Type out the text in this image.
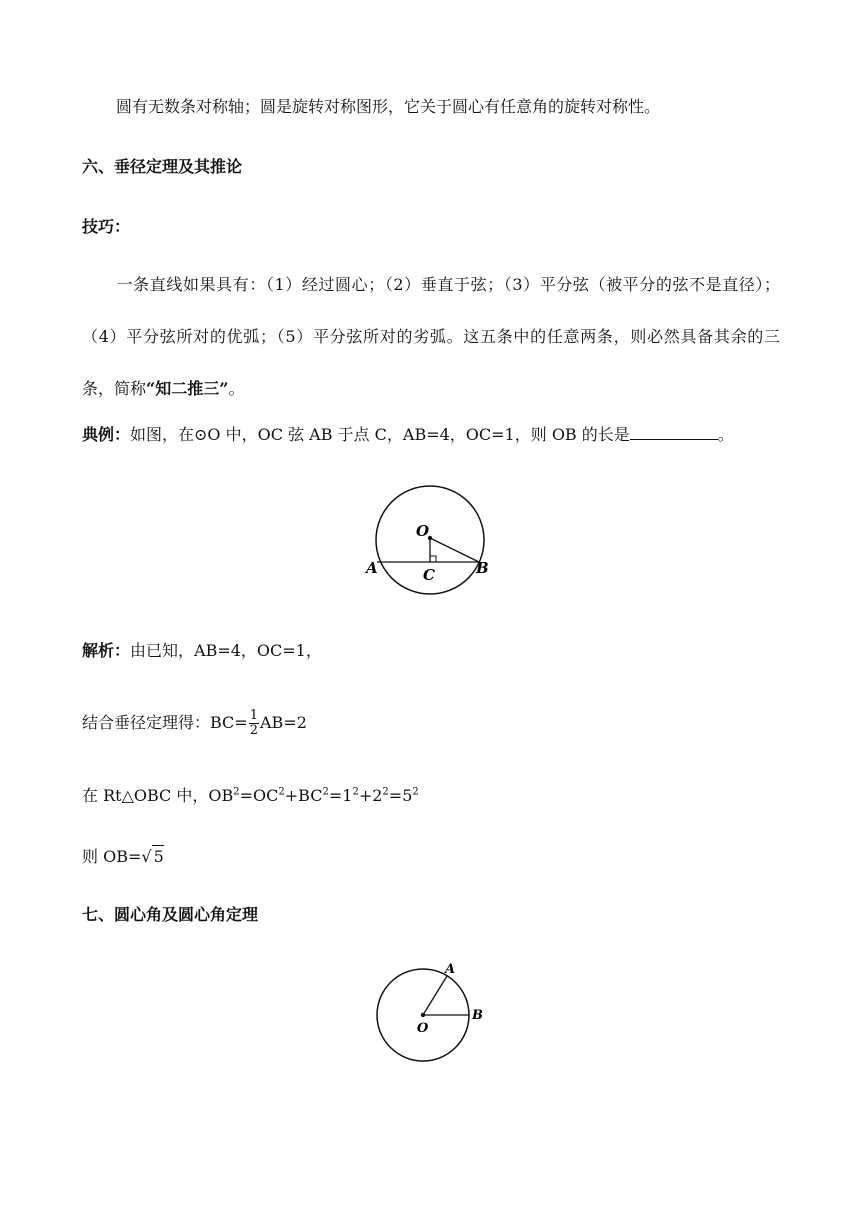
圆有无数条对称轴；圆是旋转对称图形，它关于圆心有任意角的旋转对称性。
六、垂径定理及其推论
技巧：
一条直线如果具有：（1）经过圆心；（2）垂直于弦；（3）平分弦（被平分的弦不是直径）；（4）平分弦所对的优弧；（5）平分弦所对的劣弧。这五条中的任意两条，则必然具备其余的三条，简称“知二推三”。
典例：如图，在⊙O 中，OC 弦 AB 于点 C，AB=4，OC=1，则 OB 的长是	。
O
A	C	B
解析：由已知，AB=4，OC=1，
结合垂径定理得：$BC= \frac{1}{2} AB=2$
在 Rt△OBC 中，$OB^2=OC^2+BC^2=1^2+2^2=5^2$
则 OB=√ 5
七、圆心角及圆心角定理
A
O
B
